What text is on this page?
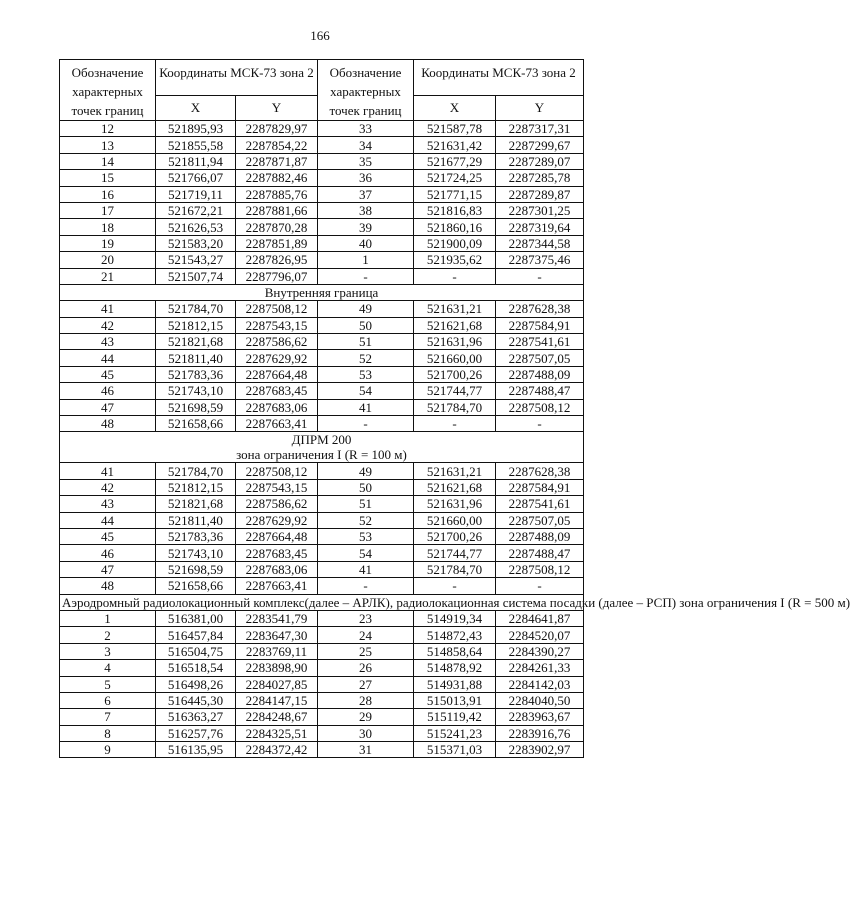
166
Обозначение характерных точек границ	Координаты МСК-73 зона 2		Обозначение характерных точек границ	Координаты МСК-73 зона 2	
	X	Y		X	Y
12	521895,93	2287829,97	33	521587,78	2287317,31
13	521855,58	2287854,22	34	521631,42	2287299,67
14	521811,94	2287871,87	35	521677,29	2287289,07
15	521766,07	2287882,46	36	521724,25	2287285,78
16	521719,11	2287885,76	37	521771,15	2287289,87
17	521672,21	2287881,66	38	521816,83	2287301,25
18	521626,53	2287870,28	39	521860,16	2287319,64
19	521583,20	2287851,89	40	521900,09	2287344,58
20	521543,27	2287826,95	1	521935,62	2287375,46
21	521507,74	2287796,07	-	-	-
Внутренняя граница					
41	521784,70	2287508,12	49	521631,21	2287628,38
42	521812,15	2287543,15	50	521621,68	2287584,91
43	521821,68	2287586,62	51	521631,96	2287541,61
44	521811,40	2287629,92	52	521660,00	2287507,05
45	521783,36	2287664,48	53	521700,26	2287488,09
46	521743,10	2287683,45	54	521744,77	2287488,47
47	521698,59	2287683,06	41	521784,70	2287508,12
48	521658,66	2287663,41	-	-	-
ДПРМ 200
зона ограничения I (R = 100 м)					
41	521784,70	2287508,12	49	521631,21	2287628,38
42	521812,15	2287543,15	50	521621,68	2287584,91
43	521821,68	2287586,62	51	521631,96	2287541,61
44	521811,40	2287629,92	52	521660,00	2287507,05
45	521783,36	2287664,48	53	521700,26	2287488,09
46	521743,10	2287683,45	54	521744,77	2287488,47
47	521698,59	2287683,06	41	521784,70	2287508,12
48	521658,66	2287663,41	-	-	-
Аэродромный радиолокационный комплекс(далее – АРЛК), радиолокационная система посадки (далее – РСП) зона ограничения I (R = 500 м)					
1	516381,00	2283541,79	23	514919,34	2284641,87
2	516457,84	2283647,30	24	514872,43	2284520,07
3	516504,75	2283769,11	25	514858,64	2284390,27
4	516518,54	2283898,90	26	514878,92	2284261,33
5	516498,26	2284027,85	27	514931,88	2284142,03
6	516445,30	2284147,15	28	515013,91	2284040,50
7	516363,27	2284248,67	29	515119,42	2283963,67
8	516257,76	2284325,51	30	515241,23	2283916,76
9	516135,95	2284372,42	31	515371,03	2283902,97
